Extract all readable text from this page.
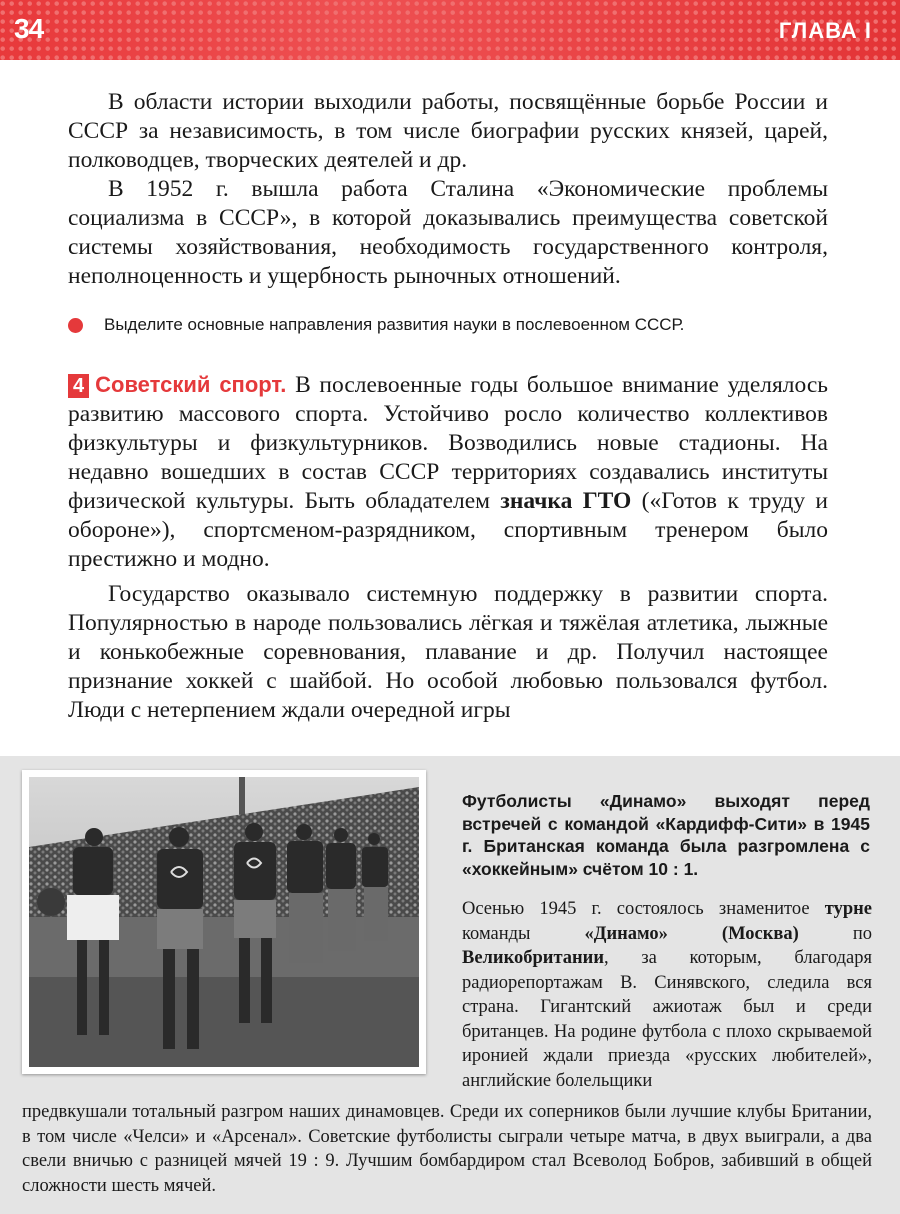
34	ГЛАВА I

В области истории выходили работы, посвящённые борьбе России и СССР за независимость, в том числе биографии русских князей, царей, полководцев, творческих деятелей и др.

В 1952 г. вышла работа Сталина «Экономические проблемы социализма в СССР», в которой доказывались преимущества советской системы хозяйствования, необходимость государственного контроля, неполноценность и ущербность рыночных отношений.

Выделите основные направления развития науки в послевоенном СССР.

4 Советский спорт. В послевоенные годы большое внимание уделялось развитию массового спорта. Устойчиво росло количество коллективов физкультуры и физкультурников. Возводились новые стадионы. На недавно вошедших в состав СССР территориях создавались институты физической культуры. Быть обладателем значка ГТО («Готов к труду и обороне»), спортсменом-разрядником, спортивным тренером было престижно и модно.

Государство оказывало системную поддержку в развитии спорта. Популярностью в народе пользовались лёгкая и тяжёлая атлетика, лыжные и конькобежные соревнования, плавание и др. Получил настоящее признание хоккей с шайбой. Но особой любовью пользовался футбол. Люди с нетерпением ждали очередной игры

Футболисты «Динамо» выходят перед встречей с командой «Кардифф-Сити» в 1945 г. Британская команда была разгромлена с «хоккейным» счётом 10 : 1.

Осенью 1945 г. состоялось знаменитое турне команды	«Динамо» (Москва)	по Великобритании, за которым, благодаря радиорепортажам В. Синявского, следила вся страна. Гигантский ажиотаж был и среди британцев. На родине футбола с плохо скрываемой иронией ждали приезда «русских любителей», английские болельщики

предвкушали тотальный разгром наших динамовцев. Среди их соперников были лучшие клубы Британии, в том числе «Челси» и «Арсенал». Советские футболисты сыграли четыре матча, в двух выиграли, а два свели вничью с разницей мячей 19 : 9. Лучшим бомбардиром стал Всеволод Бобров, забивший в общей сложности шесть мячей.
